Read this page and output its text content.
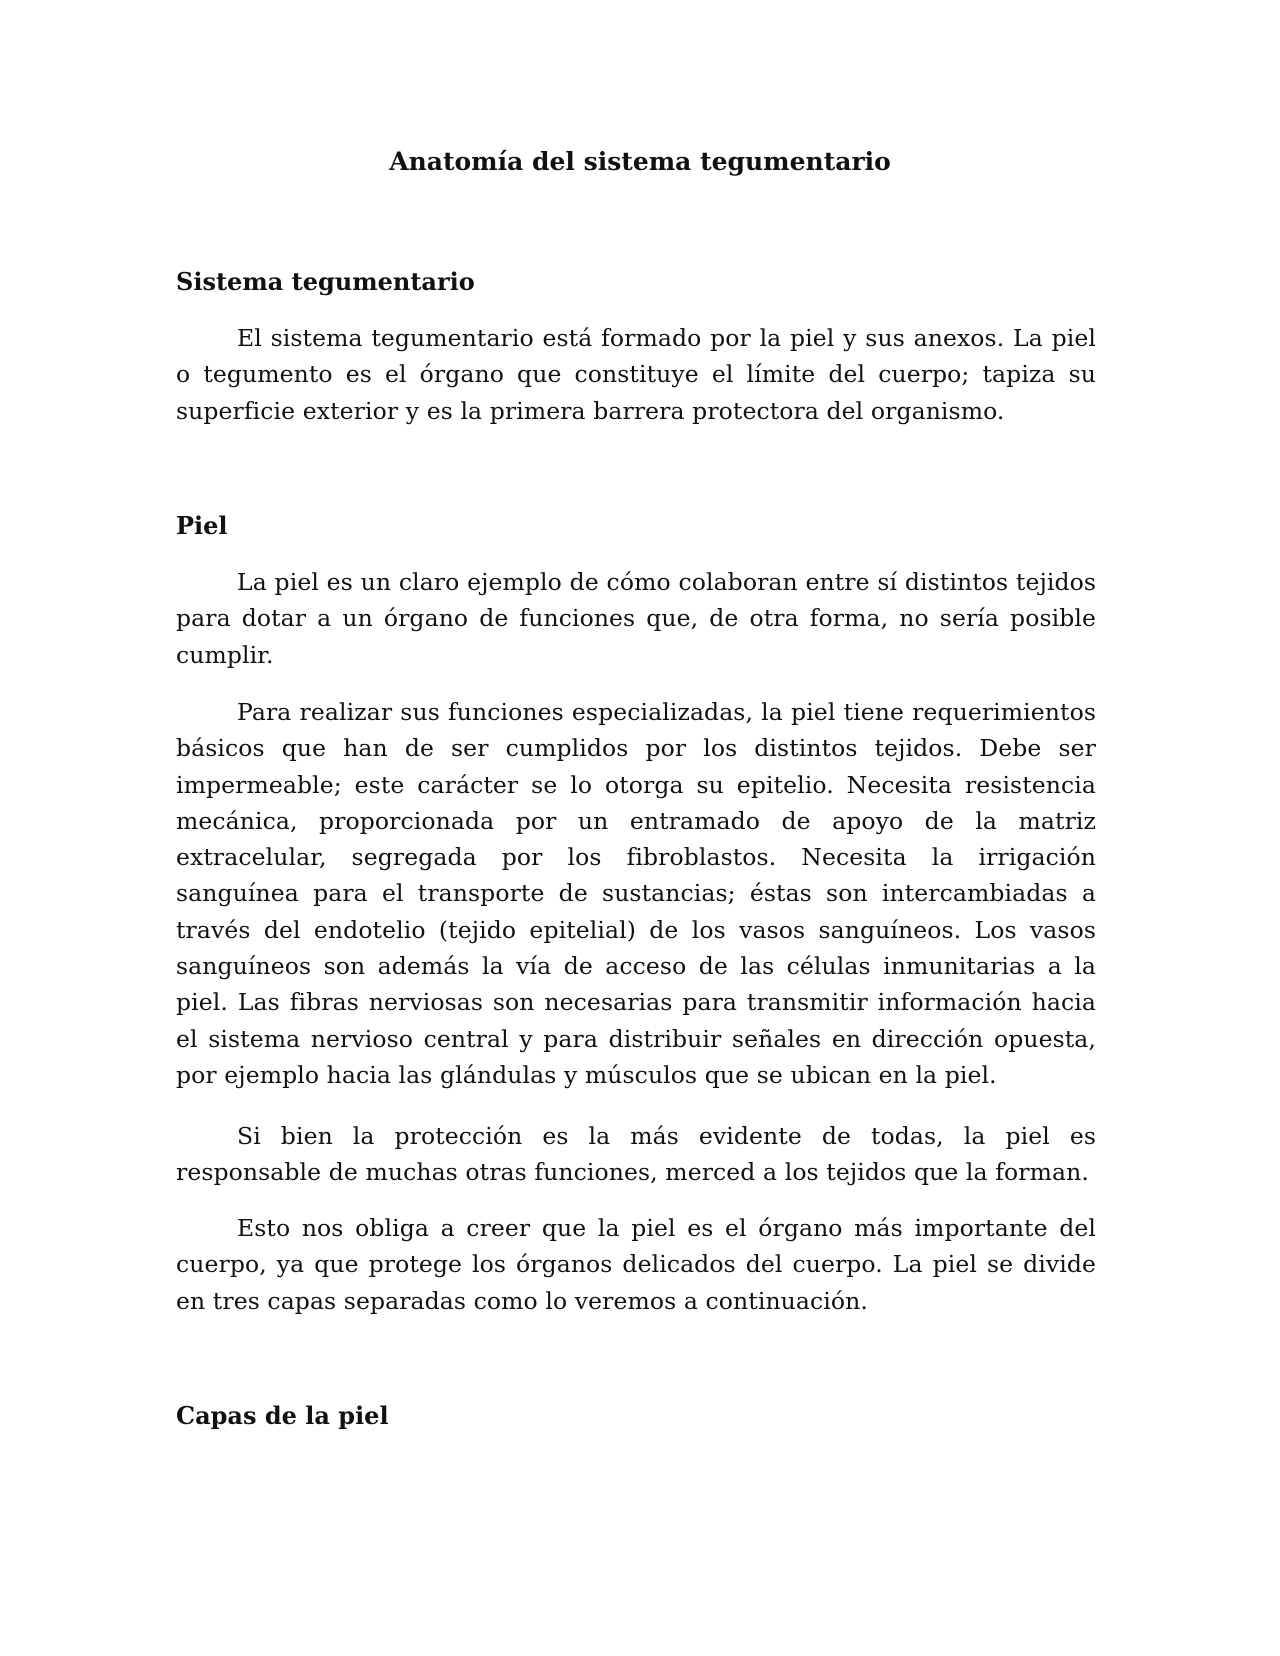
Anatomía del sistema tegumentario
Sistema tegumentario

El sistema tegumentario está formado por la piel y sus anexos. La piel o tegumento es el órgano que constituye el límite del cuerpo; tapiza su superficie exterior y es la primera barrera protectora del organismo.

Piel

La piel es un claro ejemplo de cómo colaboran entre sí distintos tejidos para dotar a un órgano de funciones que, de otra forma, no sería posible cumplir.

Para realizar sus funciones especializadas, la piel tiene requerimientos básicos que han de ser cumplidos por los distintos tejidos. Debe ser impermeable; este carácter se lo otorga su epitelio. Necesita resistencia mecánica, proporcionada por un entramado de apoyo de la matriz extracelular, segregada por los fibroblastos. Necesita la irrigación sanguínea para el transporte de sustancias; éstas son intercambiadas a través del endotelio (tejido epitelial) de los vasos sanguíneos. Los vasos sanguíneos son además la vía de acceso de las células inmunitarias a la piel. Las fibras nerviosas son necesarias para transmitir información hacia el sistema nervioso central y para distribuir señales en dirección opuesta, por ejemplo hacia las glándulas y músculos que se ubican en la piel.

Si bien la protección es la más evidente de todas, la piel es responsable de muchas otras funciones, merced a los tejidos que la forman.

Esto nos obliga a creer que la piel es el órgano más importante del cuerpo, ya que protege los órganos delicados del cuerpo. La piel se divide en tres capas separadas como lo veremos a continuación.

Capas de la piel
